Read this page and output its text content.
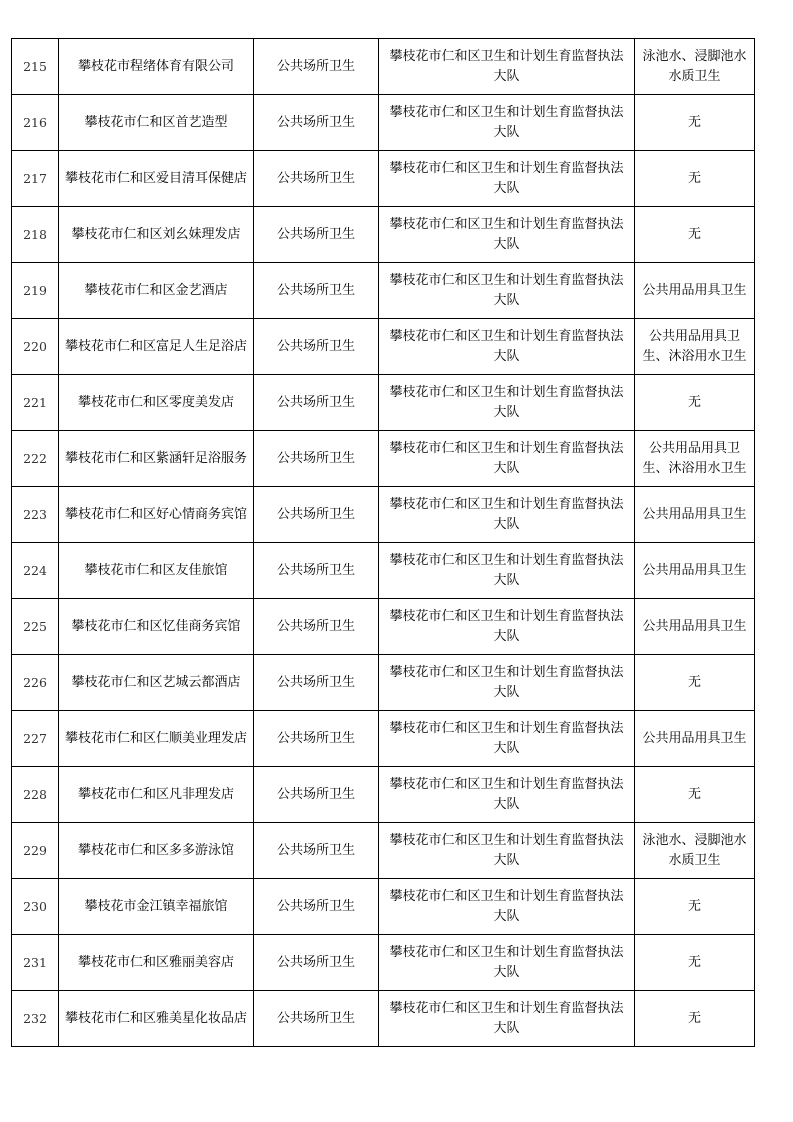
215	攀枝花市程绪体育有限公司	公共场所卫生	攀枝花市仁和区卫生和计划生育监督执法大队	泳池水、浸脚池水水质卫生
216	攀枝花市仁和区首艺造型	公共场所卫生	攀枝花市仁和区卫生和计划生育监督执法大队	无
217	攀枝花市仁和区爱目清耳保健店	公共场所卫生	攀枝花市仁和区卫生和计划生育监督执法大队	无
218	攀枝花市仁和区刘幺妹理发店	公共场所卫生	攀枝花市仁和区卫生和计划生育监督执法大队	无
219	攀枝花市仁和区金艺酒店	公共场所卫生	攀枝花市仁和区卫生和计划生育监督执法大队	公共用品用具卫生
220	攀枝花市仁和区富足人生足浴店	公共场所卫生	攀枝花市仁和区卫生和计划生育监督执法大队	公共用品用具卫生、沐浴用水卫生
221	攀枝花市仁和区零度美发店	公共场所卫生	攀枝花市仁和区卫生和计划生育监督执法大队	无
222	攀枝花市仁和区紫涵轩足浴服务	公共场所卫生	攀枝花市仁和区卫生和计划生育监督执法大队	公共用品用具卫生、沐浴用水卫生
223	攀枝花市仁和区好心情商务宾馆	公共场所卫生	攀枝花市仁和区卫生和计划生育监督执法大队	公共用品用具卫生
224	攀枝花市仁和区友佳旅馆	公共场所卫生	攀枝花市仁和区卫生和计划生育监督执法大队	公共用品用具卫生
225	攀枝花市仁和区忆佳商务宾馆	公共场所卫生	攀枝花市仁和区卫生和计划生育监督执法大队	公共用品用具卫生
226	攀枝花市仁和区艺城云都酒店	公共场所卫生	攀枝花市仁和区卫生和计划生育监督执法大队	无
227	攀枝花市仁和区仁顺美业理发店	公共场所卫生	攀枝花市仁和区卫生和计划生育监督执法大队	公共用品用具卫生
228	攀枝花市仁和区凡非理发店	公共场所卫生	攀枝花市仁和区卫生和计划生育监督执法大队	无
229	攀枝花市仁和区多多游泳馆	公共场所卫生	攀枝花市仁和区卫生和计划生育监督执法大队	泳池水、浸脚池水水质卫生
230	攀枝花市金江镇幸福旅馆	公共场所卫生	攀枝花市仁和区卫生和计划生育监督执法大队	无
231	攀枝花市仁和区雅丽美容店	公共场所卫生	攀枝花市仁和区卫生和计划生育监督执法大队	无
232	攀枝花市仁和区雅美星化妆品店	公共场所卫生	攀枝花市仁和区卫生和计划生育监督执法大队	无
